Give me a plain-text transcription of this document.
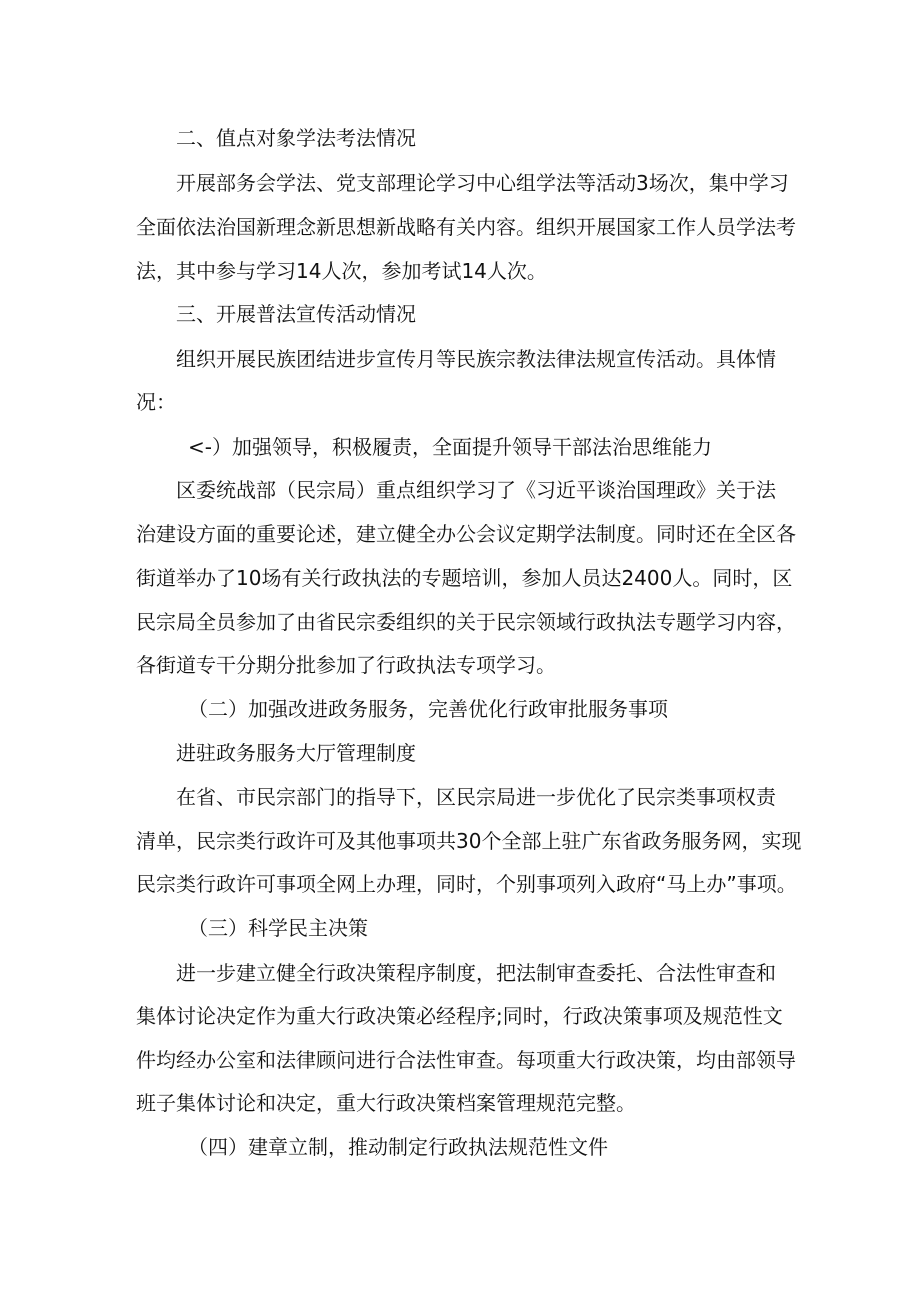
二、值点对象学法考法情况
开展部务会学法、党支部理论学习中心组学法等活动3场次，集中学习
全面依法治国新理念新思想新战略有关内容。组织开展国家工作人员学法考
法，其中参与学习14人次，参加考试14人次。
三、开展普法宣传活动情况
组织开展民族团结进步宣传月等民族宗教法律法规宣传活动。具体情
况：
<-）加强领导，积极履责，全面提升领导干部法治思维能力
区委统战部（民宗局）重点组织学习了《习近平谈治国理政》关于法
治建设方面的重要论述，建立健全办公会议定期学法制度。同时还在全区各
街道举办了10场有关行政执法的专题培训，参加人员达2400人。同时，区
民宗局全员参加了由省民宗委组织的关于民宗领域行政执法专题学习内容，
各街道专干分期分批参加了行政执法专项学习。
（二）加强改进政务服务，完善优化行政审批服务事项
进驻政务服务大厅管理制度
在省、市民宗部门的指导下，区民宗局进一步优化了民宗类事项权责
清单，民宗类行政许可及其他事项共30个全部上驻广东省政务服务网，实现
民宗类行政许可事项全网上办理，同时，个别事项列入政府“马上办”事项。
（三）科学民主决策
进一步建立健全行政决策程序制度，把法制审查委托、合法性审查和
集体讨论决定作为重大行政决策必经程序;同时，行政决策事项及规范性文
件均经办公室和法律顾问进行合法性审查。每项重大行政决策，均由部领导
班子集体讨论和决定，重大行政决策档案管理规范完整。
（四）建章立制，推动制定行政执法规范性文件
